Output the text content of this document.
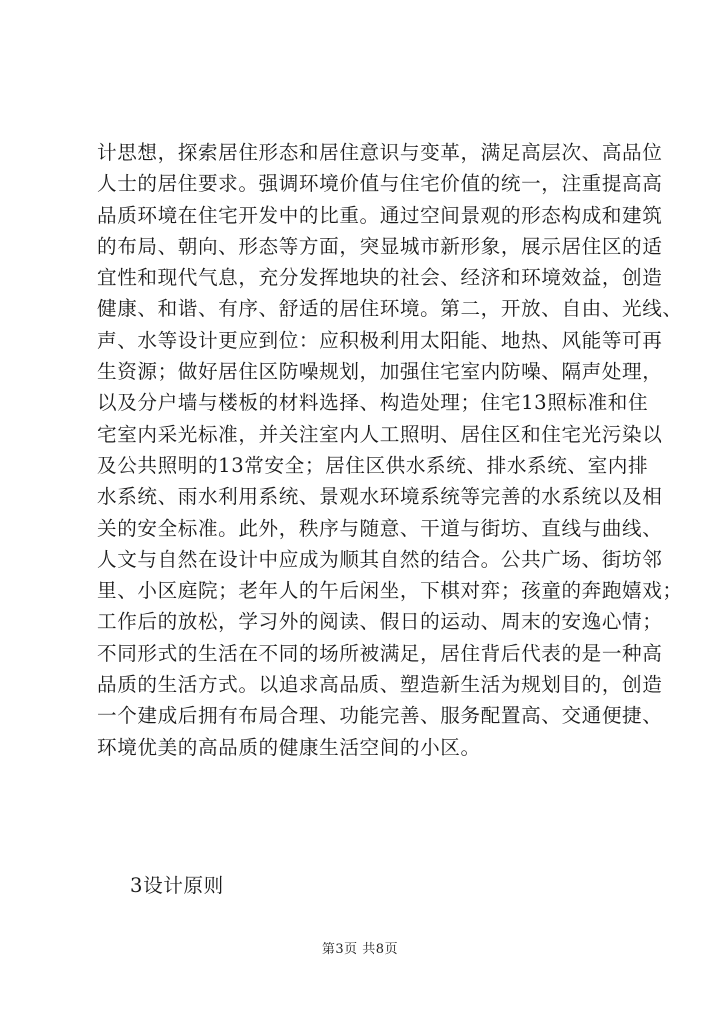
计思想，探索居住形态和居住意识与变革，满足高层次、高品位
人士的居住要求。强调环境价值与住宅价值的统一，注重提高高
品质环境在住宅开发中的比重。通过空间景观的形态构成和建筑
的布局、朝向、形态等方面，突显城市新形象，展示居住区的适
宜性和现代气息，充分发挥地块的社会、经济和环境效益，创造
健康、和谐、有序、舒适的居住环境。第二，开放、自由、光线、
声、水等设计更应到位：应积极利用太阳能、地热、风能等可再
生资源；做好居住区防噪规划，加强住宅室内防噪、隔声处理，
以及分户墙与楼板的材料选择、构造处理；住宅13照标准和住
宅室内采光标准，并关注室内人工照明、居住区和住宅光污染以
及公共照明的13常安全；居住区供水系统、排水系统、室内排
水系统、雨水利用系统、景观水环境系统等完善的水系统以及相
关的安全标准。此外，秩序与随意、干道与街坊、直线与曲线、
人文与自然在设计中应成为顺其自然的结合。公共广场、街坊邻
里、小区庭院；老年人的午后闲坐，下棋对弈；孩童的奔跑嬉戏；
工作后的放松，学习外的阅读、假日的运动、周末的安逸心情；
不同形式的生活在不同的场所被满足，居住背后代表的是一种高
品质的生活方式。以追求高品质、塑造新生活为规划目的，创造
一个建成后拥有布局合理、功能完善、服务配置高、交通便捷、
环境优美的高品质的健康生活空间的小区。
3设计原则
第3页 共8页
